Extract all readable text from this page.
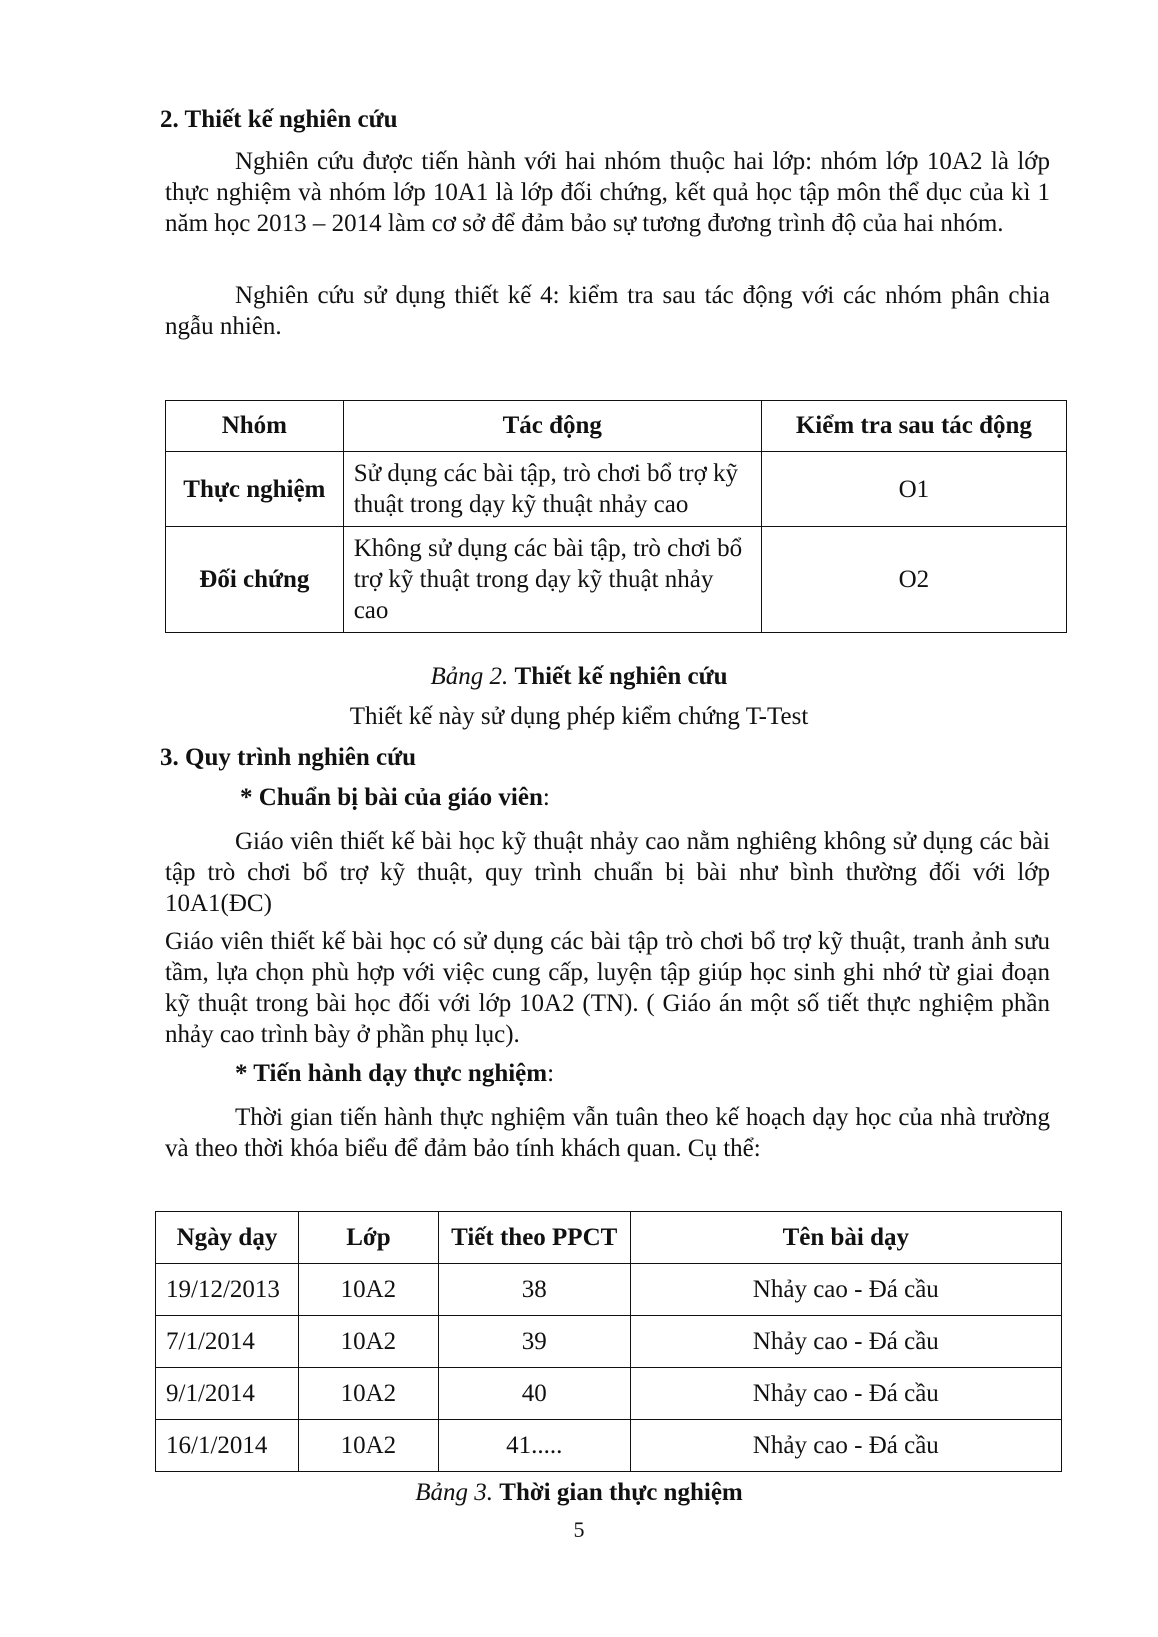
2. Thiết kế nghiên cứu
Nghiên cứu được tiến hành với hai nhóm thuộc hai lớp: nhóm lớp 10A2 là lớp thực nghiệm và nhóm lớp 10A1 là lớp đối chứng, kết quả học tập môn thể dục của kì 1 năm học 2013 – 2014 làm cơ sở để đảm bảo sự tương đương trình độ của hai nhóm.
Nghiên cứu sử dụng thiết kế 4: kiểm tra sau tác động với các nhóm phân chia ngẫu nhiên.
Nhóm	Tác động	Kiểm tra sau tác động
Thực nghiệm	Sử dụng các bài tập, trò chơi bổ trợ kỹ thuật trong dạy kỹ thuật nhảy cao	O1
Đối chứng	Không sử dụng các bài tập, trò chơi bổ trợ kỹ thuật trong dạy kỹ thuật nhảy cao	O2
Bảng 2. Thiết kế nghiên cứu
Thiết kế này sử dụng phép kiểm chứng T-Test
3. Quy trình nghiên cứu
* Chuẩn bị bài của giáo viên:
Giáo viên thiết kế bài học kỹ thuật nhảy cao nằm nghiêng không sử dụng các bài tập trò chơi bổ trợ kỹ thuật, quy trình chuẩn bị bài như bình thường đối với lớp 10A1(ĐC)
Giáo viên thiết kế bài học có sử dụng các bài tập trò chơi bổ trợ kỹ thuật, tranh ảnh sưu tầm, lựa chọn phù hợp với việc cung cấp, luyện tập giúp học sinh ghi nhớ từ giai đoạn kỹ thuật trong bài học đối với lớp 10A2 (TN). ( Giáo án một số tiết thực nghiệm phần nhảy cao trình bày ở phần phụ lục).
* Tiến hành dạy thực nghiệm:
Thời gian tiến hành thực nghiệm vẫn tuân theo kế hoạch dạy học của nhà trường và theo thời khóa biểu để đảm bảo tính khách quan. Cụ thể:
Ngày dạy	Lớp	Tiết theo PPCT	Tên bài dạy
19/12/2013	10A2	38	Nhảy cao - Đá cầu
7/1/2014	10A2	39	Nhảy cao - Đá cầu
9/1/2014	10A2	40	Nhảy cao - Đá cầu
16/1/2014	10A2	41.....	Nhảy cao - Đá cầu
Bảng 3. Thời gian thực nghiệm
5
